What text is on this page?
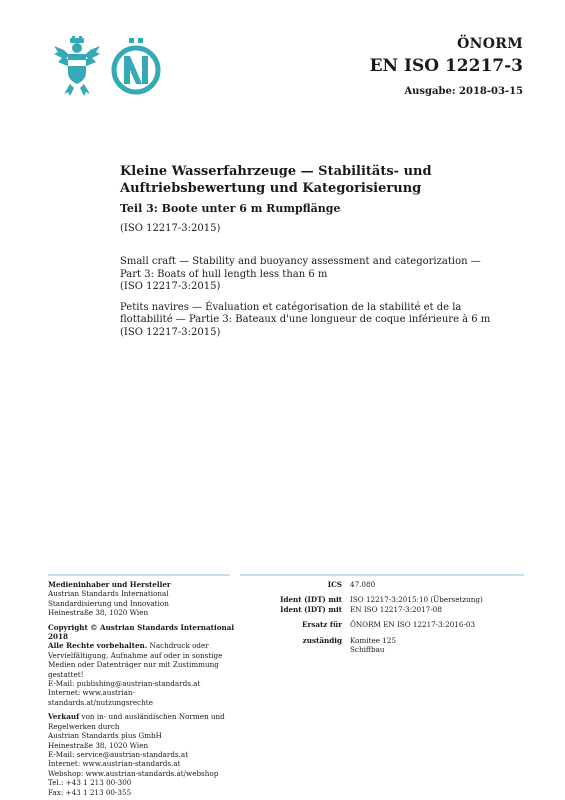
ÖNORM
EN ISO 12217-3
Ausgabe: 2018-03-15
Kleine Wasserfahrzeuge — Stabilitäts- und
Auftriebsbewertung und Kategorisierung
Teil 3: Boote unter 6 m Rumpflänge
(ISO 12217-3:2015)
Small craft — Stability and buoyancy assessment and categorization —
Part 3: Boats of hull length less than 6 m
(ISO 12217-3:2015)
Petits navires — Évaluation et catégorisation de la stabilité et de la
flottabilité — Partie 3: Bateaux d'une longueur de coque inférieure à 6 m
(ISO 12217-3:2015)
Medieninhaber und Hersteller
Austrian Standards International
Standardisierung und Innovation
Heinestraße 38, 1020 Wien
Copyright © Austrian Standards International 2018
Alle Rechte vorbehalten. Nachdruck oder
Vervielfältigung, Aufnahme auf oder in sonstige
Medien oder Datenträger nur mit Zustimmung
gestattet!
E-Mail: publishing@austrian-standards.at
Internet: www.austrian-standards.at/nutzungsrechte
Verkauf von in- und ausländischen Normen und
Regelwerken durch
Austrian Standards plus GmbH
Heinestraße 38, 1020 Wien
E-Mail: service@austrian-standards.at
Internet: www.austrian-standards.at
Webshop: www.austrian-standards.at/webshop
Tel.: +43 1 213 00-300
Fax: +43 1 213 00-355
ICS	47.080
Ident (IDT) mit	ISO 12217-3:2015:10 (Übersetzung)
Ident (IDT) mit	EN ISO 12217-3:2017-08
Ersatz für	ÖNORM EN ISO 12217-3:2016-03
zuständig	Komitee 125
Schiffbau
